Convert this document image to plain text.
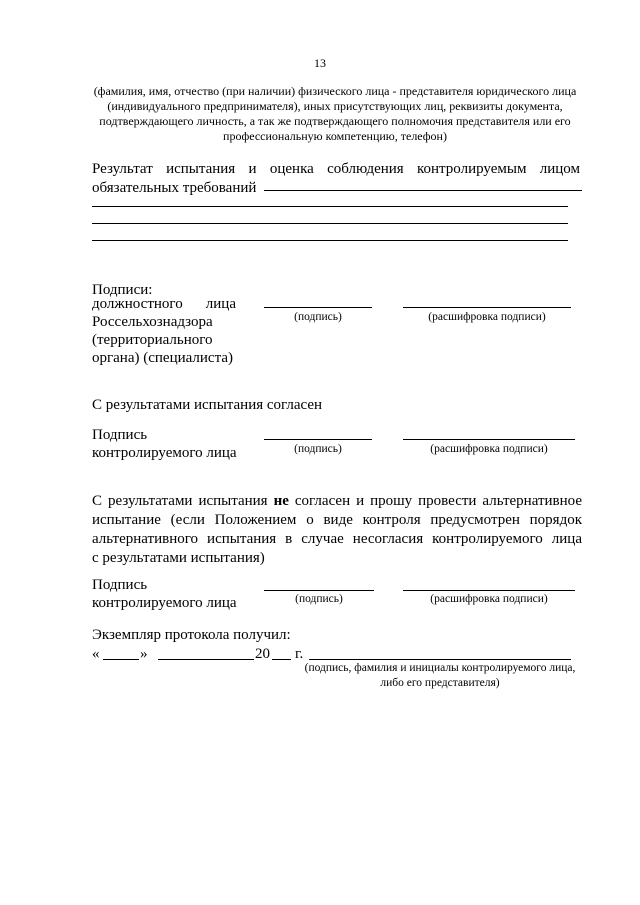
13
(фамилия, имя, отчество (при наличии) физического лица - представителя юридического лица (индивидуального предпринимателя), иных присутствующих лиц, реквизиты документа, подтверждающего личность, а так же подтверждающего полномочия представителя или его профессиональную компетенцию, телефон)
Результат испытания и оценка соблюдения контролируемым лицом
обязательных требований
Подписи:
должностного лица
Россельхознадзора
(территориального
органа) (специалиста)
(подпись)	(расшифровка подписи)
С результатами испытания согласен
Подпись
контролируемого лица	(подпись)	(расшифровка подписи)
С результатами испытания не согласен и прошу провести альтернативное
испытание (если Положением о виде контроля предусмотрен порядок
альтернативного испытания в случае несогласия контролируемого лица
с результатами испытания)
Подпись
контролируемого лица	(подпись)	(расшифровка подписи)
Экземпляр протокола получил:
«	»	20 г.
(подпись, фамилия и инициалы контролируемого лица, либо его представителя)
